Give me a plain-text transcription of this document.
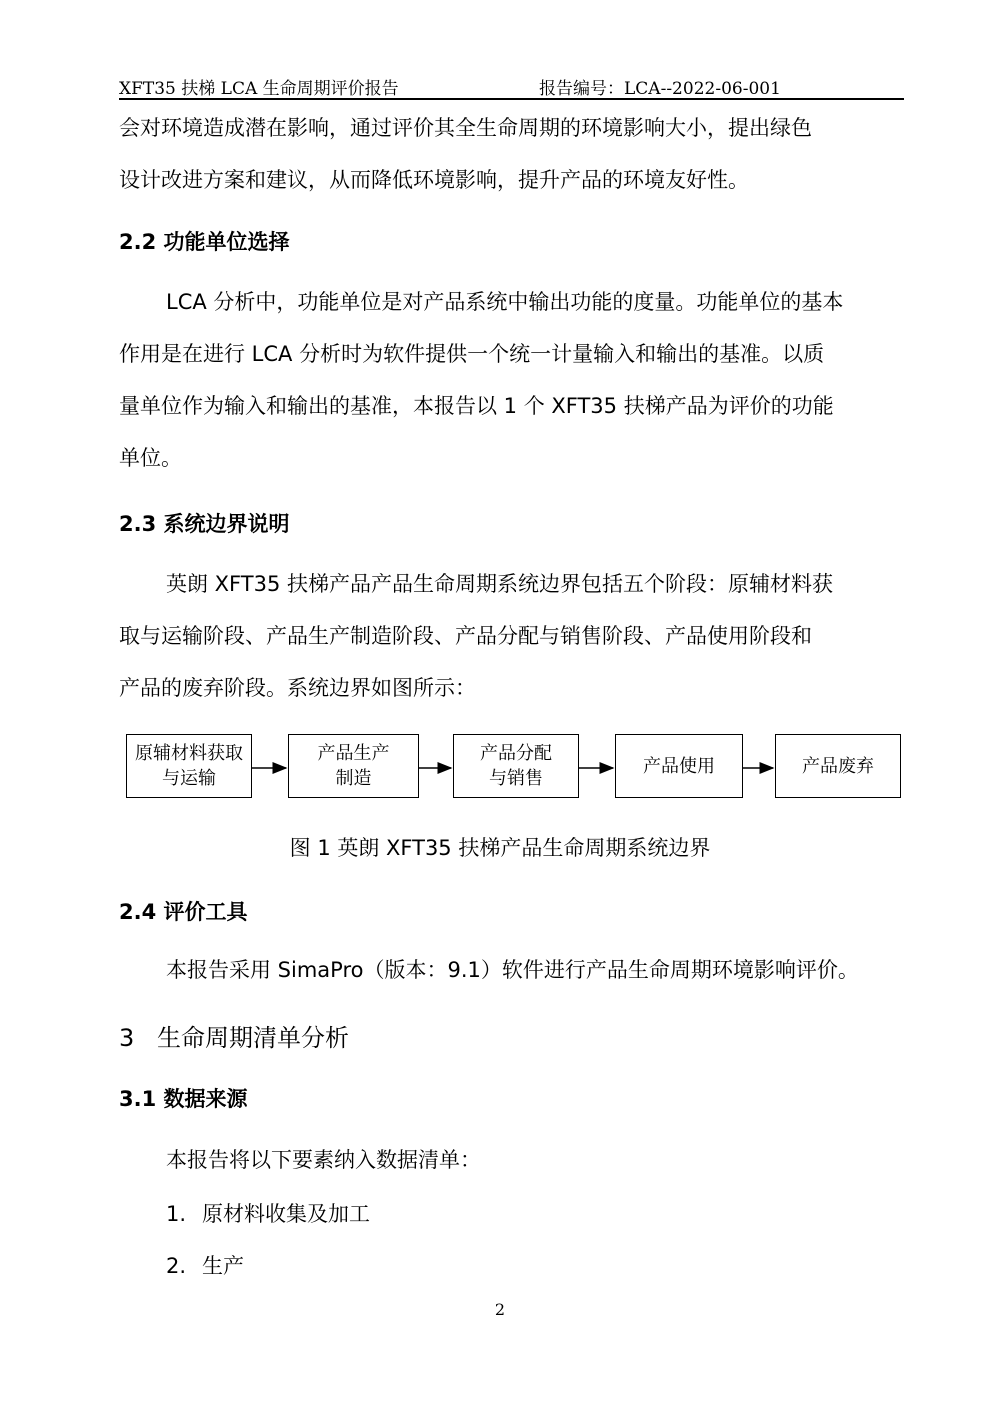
XFT35 扶梯 LCA 生命周期评价报告	报告编号：LCA--2022-06-001
会对环境造成潜在影响，通过评价其全生命周期的环境影响大小，提出绿色
设计改进方案和建议，从而降低环境影响，提升产品的环境友好性。
2.2 功能单位选择
LCA 分析中，功能单位是对产品系统中输出功能的度量。功能单位的基本
作用是在进行 LCA 分析时为软件提供一个统一计量输入和输出的基准。以质
量单位作为输入和输出的基准，本报告以 1 个 XFT35 扶梯产品为评价的功能
单位。
2.3 系统边界说明
英朗 XFT35 扶梯产品产品生命周期系统边界包括五个阶段：原辅材料获
取与运输阶段、产品生产制造阶段、产品分配与销售阶段、产品使用阶段和
产品的废弃阶段。系统边界如图所示：
原辅材料获取
与运输
产品生产
制造
产品分配
与销售
产品使用	产品废弃
图 1 英朗 XFT35 扶梯产品生命周期系统边界
2.4 评价工具
本报告采用 SimaPro（版本：9.1）软件进行产品生命周期环境影响评价。
3 生命周期清单分析
3.1 数据来源
本报告将以下要素纳入数据清单：
1. 原材料收集及加工
2. 生产
2
